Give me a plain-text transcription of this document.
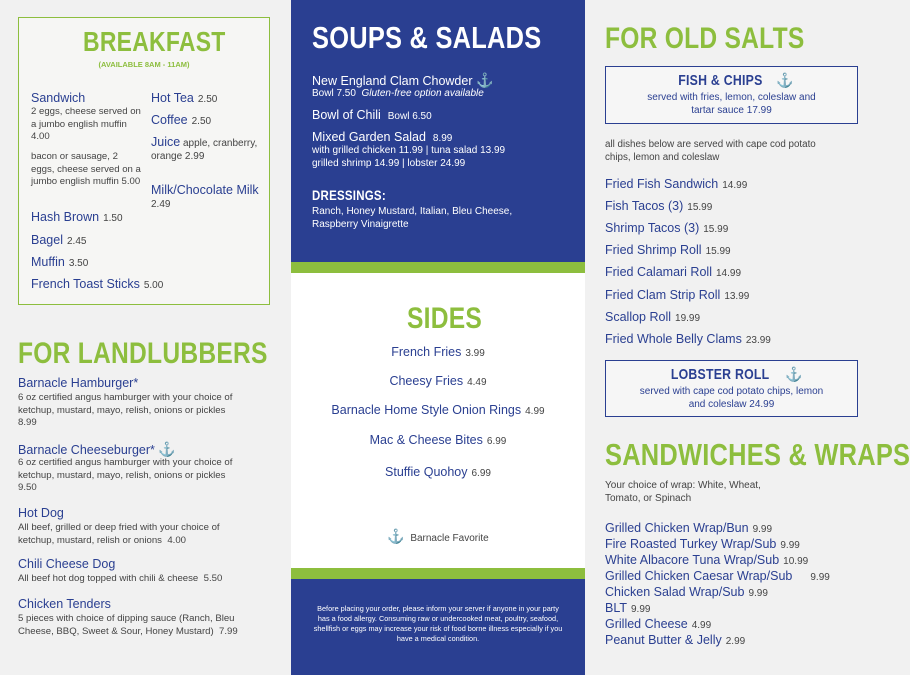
BREAKFAST
(AVAILABLE 8AM - 11AM)
Sandwich
2 eggs, cheese served on a jumbo english muffin 4.00
bacon or sausage, 2 eggs, cheese served on a jumbo english muffin 5.00
Hash Brown 1.50
Bagel 2.45
Muffin 3.50
French Toast Sticks 5.00
Hot Tea 2.50
Coffee 2.50
Juice apple, cranberry, orange 2.99
Milk/Chocolate Milk 2.49
FOR LANDLUBBERS
Barnacle Hamburger*
6 oz certified angus hamburger with your choice of ketchup, mustard, mayo, relish, onions or pickles  8.99
Barnacle Cheeseburger* ⚓
6 oz certified angus hamburger with your choice of ketchup, mustard, mayo, relish, onions or pickles  9.50
Hot Dog
All beef, grilled or deep fried with your choice of ketchup, mustard, relish or onions 4.00
Chili Cheese Dog
All beef hot dog topped with chili & cheese 5.50
Chicken Tenders
5 pieces with choice of dipping sauce (Ranch, Bleu Cheese, BBQ, Sweet & Sour, Honey Mustard) 7.99
SOUPS & SALADS
New England Clam Chowder ⚓
Bowl 7.50 Gluten-free option available
Bowl of Chili Bowl 6.50
Mixed Garden Salad 8.99
with grilled chicken 11.99 | tuna salad 13.99
grilled shrimp 14.99 | lobster 24.99
DRESSINGS:
Ranch, Honey Mustard, Italian, Bleu Cheese, Raspberry Vinaigrette
SIDES
French Fries 3.99
Cheesy Fries 4.49
Barnacle Home Style Onion Rings 4.99
Mac & Cheese Bites 6.99
Stuffie Quohoy 6.99
⚓ Barnacle Favorite
Before placing your order, please inform your server if anyone in your party has a food allergy. Consuming raw or undercooked meat, poultry, seafood, shellfish or eggs may increase your risk of food borne illness especially if you have a medical condition.
FOR OLD SALTS
FISH & CHIPS ⚓
served with fries, lemon, coleslaw and tartar sauce 17.99
all dishes below are served with cape cod potato chips, lemon and coleslaw
Fried Fish Sandwich 14.99
Fish Tacos (3) 15.99
Shrimp Tacos (3) 15.99
Fried Shrimp Roll 15.99
Fried Calamari Roll 14.99
Fried Clam Strip Roll 13.99
Scallop Roll 19.99
Fried Whole Belly Clams 23.99
LOBSTER ROLL ⚓
served with cape cod potato chips, lemon and coleslaw 24.99
SANDWICHES & WRAPS
Your choice of wrap: White, Wheat, Tomato, or Spinach
Grilled Chicken Wrap/Bun 9.99
Fire Roasted Turkey Wrap/Sub 9.99
White Albacore Tuna Wrap/Sub 10.99
Grilled Chicken Caesar Wrap/Sub 9.99
Chicken Salad Wrap/Sub 9.99
BLT 9.99
Grilled Cheese 4.99
Peanut Butter & Jelly 2.99
